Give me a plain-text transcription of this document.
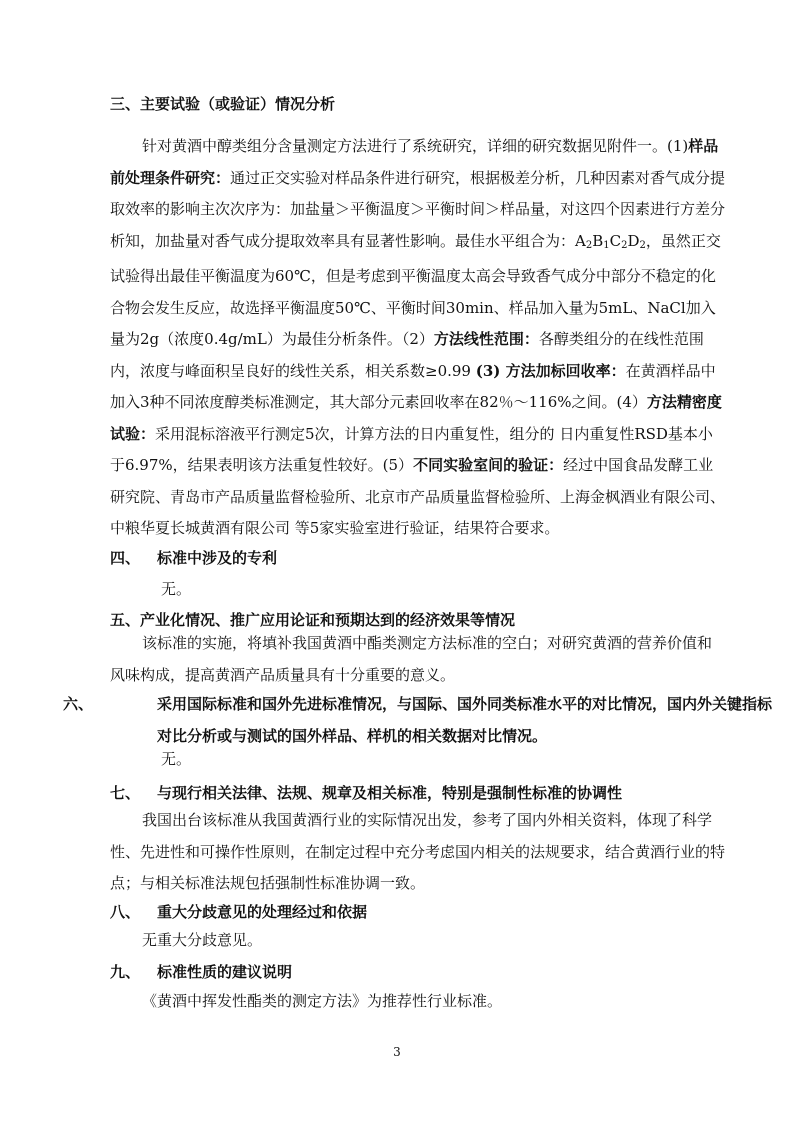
三、主要试验（或验证）情况分析
针对黄酒中醇类组分含量测定方法进行了系统研究，详细的研究数据见附件一。(1)样品前处理条件研究：通过正交实验对样品条件进行研究，根据极差分析，几种因素对香气成分提取效率的影响主次次序为：加盐量＞平衡温度＞平衡时间＞样品量，对这四个因素进行方差分析知，加盐量对香气成分提取效率具有显著性影响。最佳水平组合为：$A_2B_1C_2D_2$，虽然正交试验得出最佳平衡温度为60℃，但是考虑到平衡温度太高会导致香气成分中部分不稳定的化合物会发生反应，故选择平衡温度50℃、平衡时间30min、样品加入量为5mL、NaCl加入量为2g（浓度0.4g/mL）为最佳分析条件。（2）方法线性范围：各醇类组分的在线性范围内，浓度与峰面积呈良好的线性关系，相关系数≥0.99 (3) 方法加标回收率：在黄酒样品中加入3种不同浓度醇类标准测定，其大部分元素回收率在82％～116%之间。(4）方法精密度试验：采用混标溶液平行测定5次，计算方法的日内重复性，组分的 日内重复性RSD基本小于6.97%，结果表明该方法重复性较好。(5）不同实验室间的验证：经过中国食品发酵工业研究院、青岛市产品质量监督检验所、北京市产品质量监督检验所、上海金枫酒业有限公司、中粮华夏长城黄酒有限公司 等5家实验室进行验证，结果符合要求。
四、 标准中涉及的专利
无。
五、产业化情况、推广应用论证和预期达到的经济效果等情况
该标准的实施，将填补我国黄酒中酯类测定方法标准的空白；对研究黄酒的营养价值和风味构成，提高黄酒产品质量具有十分重要的意义。
六、	采用国际标准和国外先进标准情况，与国际、国外同类标准水平的对比情况，国内外关键指标对比分析或与测试的国外样品、样机的相关数据对比情况。
无。
七、 与现行相关法律、法规、规章及相关标准，特别是强制性标准的协调性
我国出台该标准从我国黄酒行业的实际情况出发，参考了国内外相关资料，体现了科学性、先进性和可操作性原则，在制定过程中充分考虑国内相关的法规要求，结合黄酒行业的特点；与相关标准法规包括强制性标准协调一致。
八、 重大分歧意见的处理经过和依据
无重大分歧意见。
九、 标准性质的建议说明
《黄酒中挥发性酯类的测定方法》为推荐性行业标准。
3
